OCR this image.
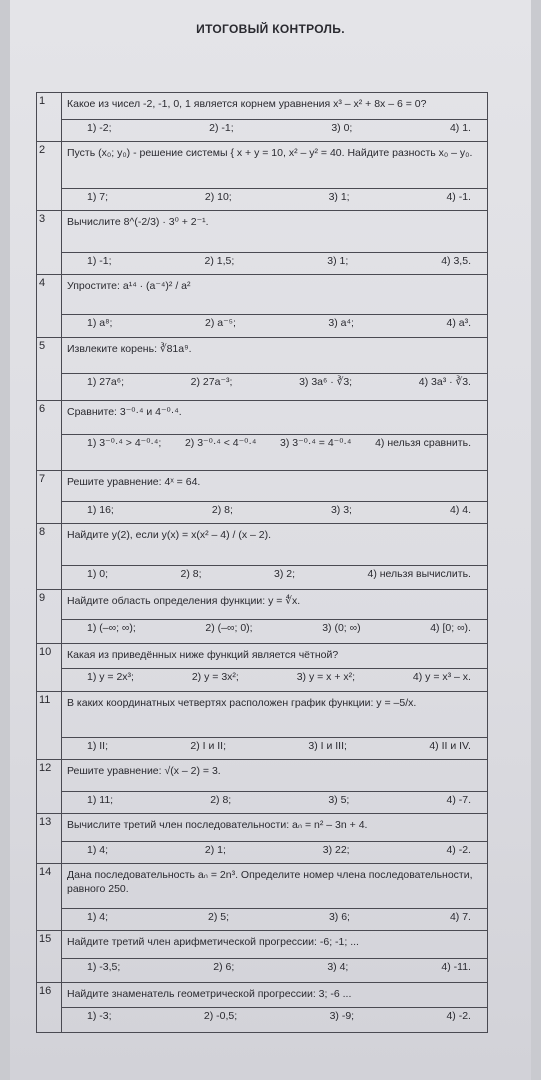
ИТОГОВЫЙ КОНТРОЛЬ.
1	Какое из чисел -2, -1, 0, 1 является корнем уравнения x³ – x² + 8x – 6 = 0?

	1) -2; 2) -1; 3) 0; 4) 1.

2	Пусть (x₀; y₀) - решение системы { x + y = 10, x² – y² = 40. Найдите разность x₀ – y₀.

	1) 7; 2) 10; 3) 1; 4) -1.

3	Вычислите 8^(-2/3) · 3⁰ + 2⁻¹.

	1) -1; 2) 1,5; 3) 1; 4) 3,5.

4	Упростите: a¹⁴ · (a⁻⁴)² / a²

	1) a⁸; 2) a⁻⁵; 3) a⁴; 4) a³.

5	Извлеките корень: ∛81a⁹.

	1) 27a⁶; 2) 27a⁻³; 3) 3a⁶ · ∛3; 4) 3a³ · ∛3.

6	Сравните: 3⁻⁰·⁴ и 4⁻⁰·⁴.

	1) 3⁻⁰·⁴ > 4⁻⁰·⁴; 2) 3⁻⁰·⁴ < 4⁻⁰·⁴ 3) 3⁻⁰·⁴ = 4⁻⁰·⁴ 4) нельзя сравнить.

7	Решите уравнение: 4ˣ = 64.

	1) 16; 2) 8; 3) 3; 4) 4.

8	Найдите y(2), если y(x) = x(x² – 4) / (x – 2).

	1) 0; 2) 8; 3) 2; 4) нельзя вычислить.

9	Найдите область определения функции: y = ∜x.

	1) (–∞; ∞); 2) (–∞; 0); 3) (0; ∞) 4) [0; ∞).

10	Какая из приведённых ниже функций является чётной?

	1) y = 2x³; 2) y = 3x²; 3) y = x + x²; 4) y = x³ – x.

11	В каких координатных четвертях расположен график функции: y = –5/x.

	1) II; 2) I и II; 3) I и III; 4) II и IV.

12	Решите уравнение: √(x – 2) = 3.

	1) 11; 2) 8; 3) 5; 4) -7.

13	Вычислите третий член последовательности: aₙ = n² – 3n + 4.

	1) 4; 2) 1; 3) 22; 4) -2.

14	Дана последовательность aₙ = 2n³. Определите номер члена последовательности, равного 250.

	1) 4; 2) 5; 3) 6; 4) 7.

15	Найдите третий член арифметической прогрессии: -6; -1; ...

	1) -3,5; 2) 6; 3) 4; 4) -11.

16	Найдите знаменатель геометрической прогрессии: 3; -6 ...

	1) -3; 2) -0,5; 3) -9; 4) -2.
